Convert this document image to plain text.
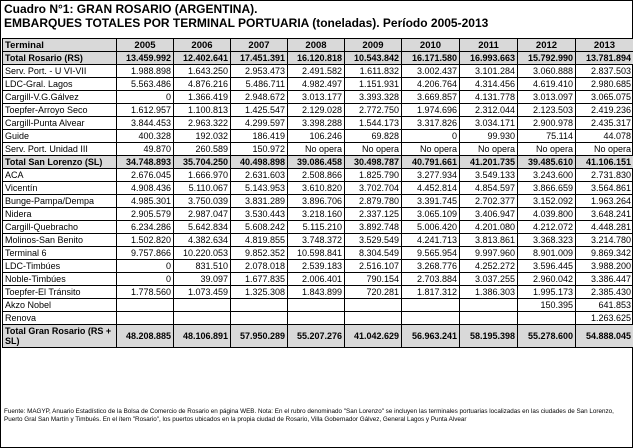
Cuadro N°1: GRAN ROSARIO (ARGENTINA).
EMBARQUES TOTALES POR TERMINAL PORTUARIA (toneladas). Período 2005-2013
Terminal	2005	2006	2007	2008	2009	2010	2011	2012	2013
Total Rosario (RS)	13.459.992	12.402.641	17.451.391	16.120.818	10.543.842	16.171.580	16.993.663	15.792.990	13.781.894
Serv. Port. - U VI-VII	1.988.898	1.643.250	2.953.473	2.491.582	1.611.832	3.002.437	3.101.284	3.060.888	2.837.503
LDC-Gral. Lagos	5.563.486	4.876.216	5.486.711	4.982.497	1.151.931	4.206.764	4.314.456	4.619.410	2.980.685
Cargill-V.G.Gálvez	0	1.366.419	2.948.672	3.013.177	3.393.328	3.669.857	4.131.778	3.013.097	3.065.075
Toepfer-Arroyo Seco	1.612.957	1.100.813	1.425.547	2.129.028	2.772.750	1.974.696	2.312.044	2.123.503	2.419.236
Cargill-Punta Alvear	3.844.453	2.963.322	4.299.597	3.398.288	1.544.173	3.317.826	3.034.171	2.900.978	2.435.317
Guide	400.328	192.032	186.419	106.246	69.828	0	99.930	75.114	44.078
Serv. Port. Unidad III	49.870	260.589	150.972	No opera	No opera	No opera	No opera	No opera	No opera
Total San Lorenzo (SL)	34.748.893	35.704.250	40.498.898	39.086.458	30.498.787	40.791.661	41.201.735	39.485.610	41.106.151
ACA	2.676.045	1.666.970	2.631.603	2.508.866	1.825.790	3.277.934	3.549.133	3.243.600	2.731.830
Vicentín	4.908.436	5.110.067	5.143.953	3.610.820	3.702.704	4.452.814	4.854.597	3.866.659	3.564.861
Bunge-Pampa/Dempa	4.985.301	3.750.039	3.831.289	3.896.706	2.879.780	3.391.745	2.702.377	3.152.092	1.963.264
Nidera	2.905.579	2.987.047	3.530.443	3.218.160	2.337.125	3.065.109	3.406.947	4.039.800	3.648.241
Cargill-Quebracho	6.234.286	5.642.834	5.608.242	5.115.210	3.892.748	5.006.420	4.201.080	4.212.072	4.448.281
Molinos-San Benito	1.502.820	4.382.634	4.819.855	3.748.372	3.529.549	4.241.713	3.813.861	3.368.323	3.214.780
Terminal 6	9.757.866	10.220.053	9.852.352	10.598.841	8.304.549	9.565.954	9.997.960	8.901.009	9.869.342
LDC-Timbúes	0	831.510	2.078.018	2.539.183	2.516.107	3.268.776	4.252.272	3.596.445	3.988.200
Noble-Timbúes	0	39.097	1.677.835	2.006.401	790.154	2.703.884	3.037.255	2.960.042	3.386.447
Toepfer-El Tránsito	1.778.560	1.073.459	1.325.308	1.843.899	720.281	1.817.312	1.386.303	1.995.173	2.385.430
Akzo Nobel								150.395	641.853
Renova									1.263.625
Total Gran Rosario (RS + SL)	48.208.885	48.106.891	57.950.289	55.207.276	41.042.629	56.963.241	58.195.398	55.278.600	54.888.045
Fuente: MAGYP, Anuario Estadístico de la Bolsa de Comercio de Rosario en página WEB. Nota: En el rubro denominado "San Lorenzo" se incluyen las terminales portuarias localizadas en las ciudades de San Lorenzo, Puerto Gral San Martín y Timbués. En el ítem "Rosario", los puertos ubicados en la propia ciudad de Rosario, Villa Gobernador Gálvez, General Lagos y Punta Alvear
